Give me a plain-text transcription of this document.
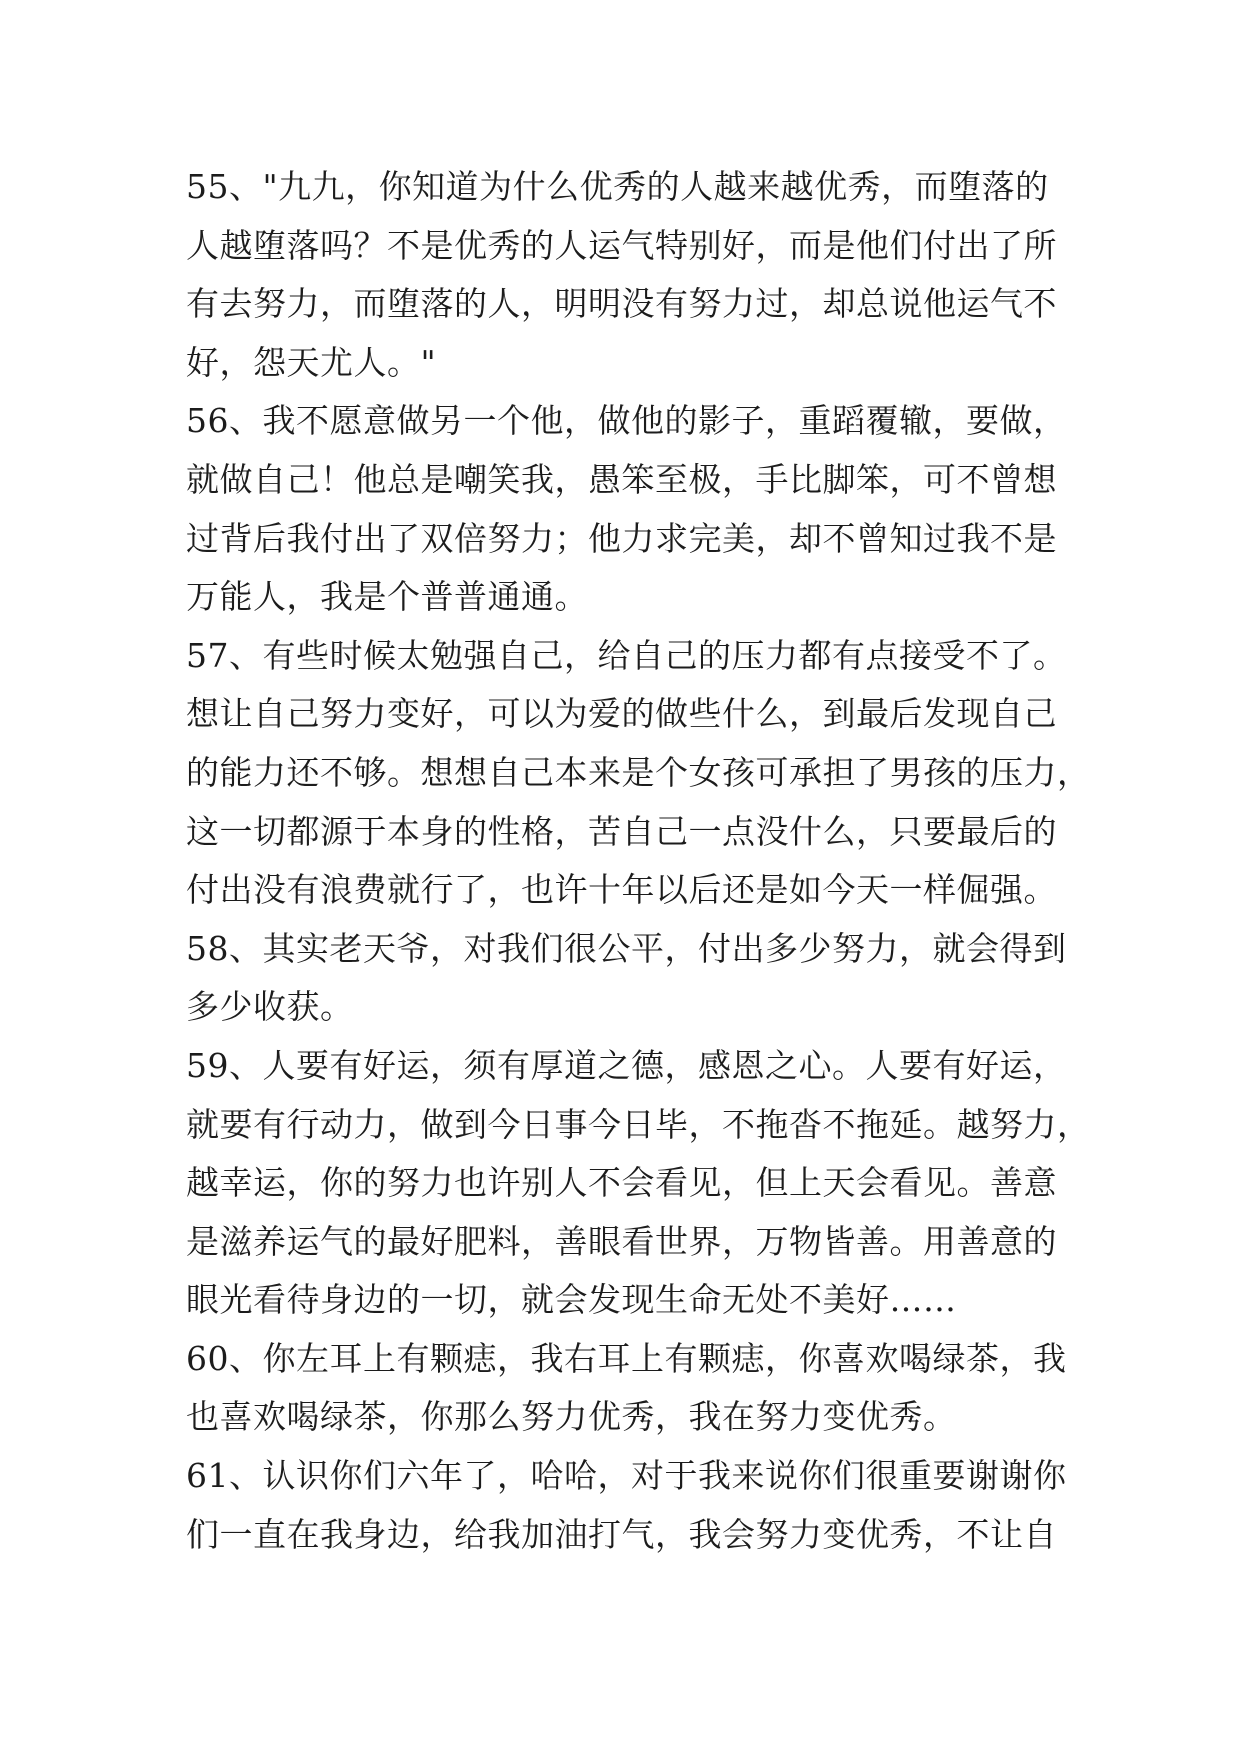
55、"九九，你知道为什么优秀的人越来越优秀，而堕落的
人越堕落吗？不是优秀的人运气特别好，而是他们付出了所
有去努力，而堕落的人，明明没有努力过，却总说他运气不
好，怨天尤人。"
56、我不愿意做另一个他，做他的影子，重蹈覆辙，要做，
就做自己！他总是嘲笑我，愚笨至极，手比脚笨，可不曾想
过背后我付出了双倍努力；他力求完美，却不曾知过我不是
万能人，我是个普普通通。
57、有些时候太勉强自己，给自己的压力都有点接受不了。
想让自己努力变好，可以为爱的做些什么，到最后发现自己
的能力还不够。想想自己本来是个女孩可承担了男孩的压力，
这一切都源于本身的性格，苦自己一点没什么，只要最后的
付出没有浪费就行了，也许十年以后还是如今天一样倔强。
58、其实老天爷，对我们很公平，付出多少努力，就会得到
多少收获。
59、人要有好运，须有厚道之德，感恩之心。人要有好运，
就要有行动力，做到今日事今日毕，不拖沓不拖延。越努力，
越幸运，你的努力也许别人不会看见，但上天会看见。善意
是滋养运气的最好肥料，善眼看世界，万物皆善。用善意的
眼光看待身边的一切，就会发现生命无处不美好……
60、你左耳上有颗痣，我右耳上有颗痣，你喜欢喝绿茶，我
也喜欢喝绿茶，你那么努力优秀，我在努力变优秀。
61、认识你们六年了，哈哈，对于我来说你们很重要谢谢你
们一直在我身边，给我加油打气，我会努力变优秀，不让自
